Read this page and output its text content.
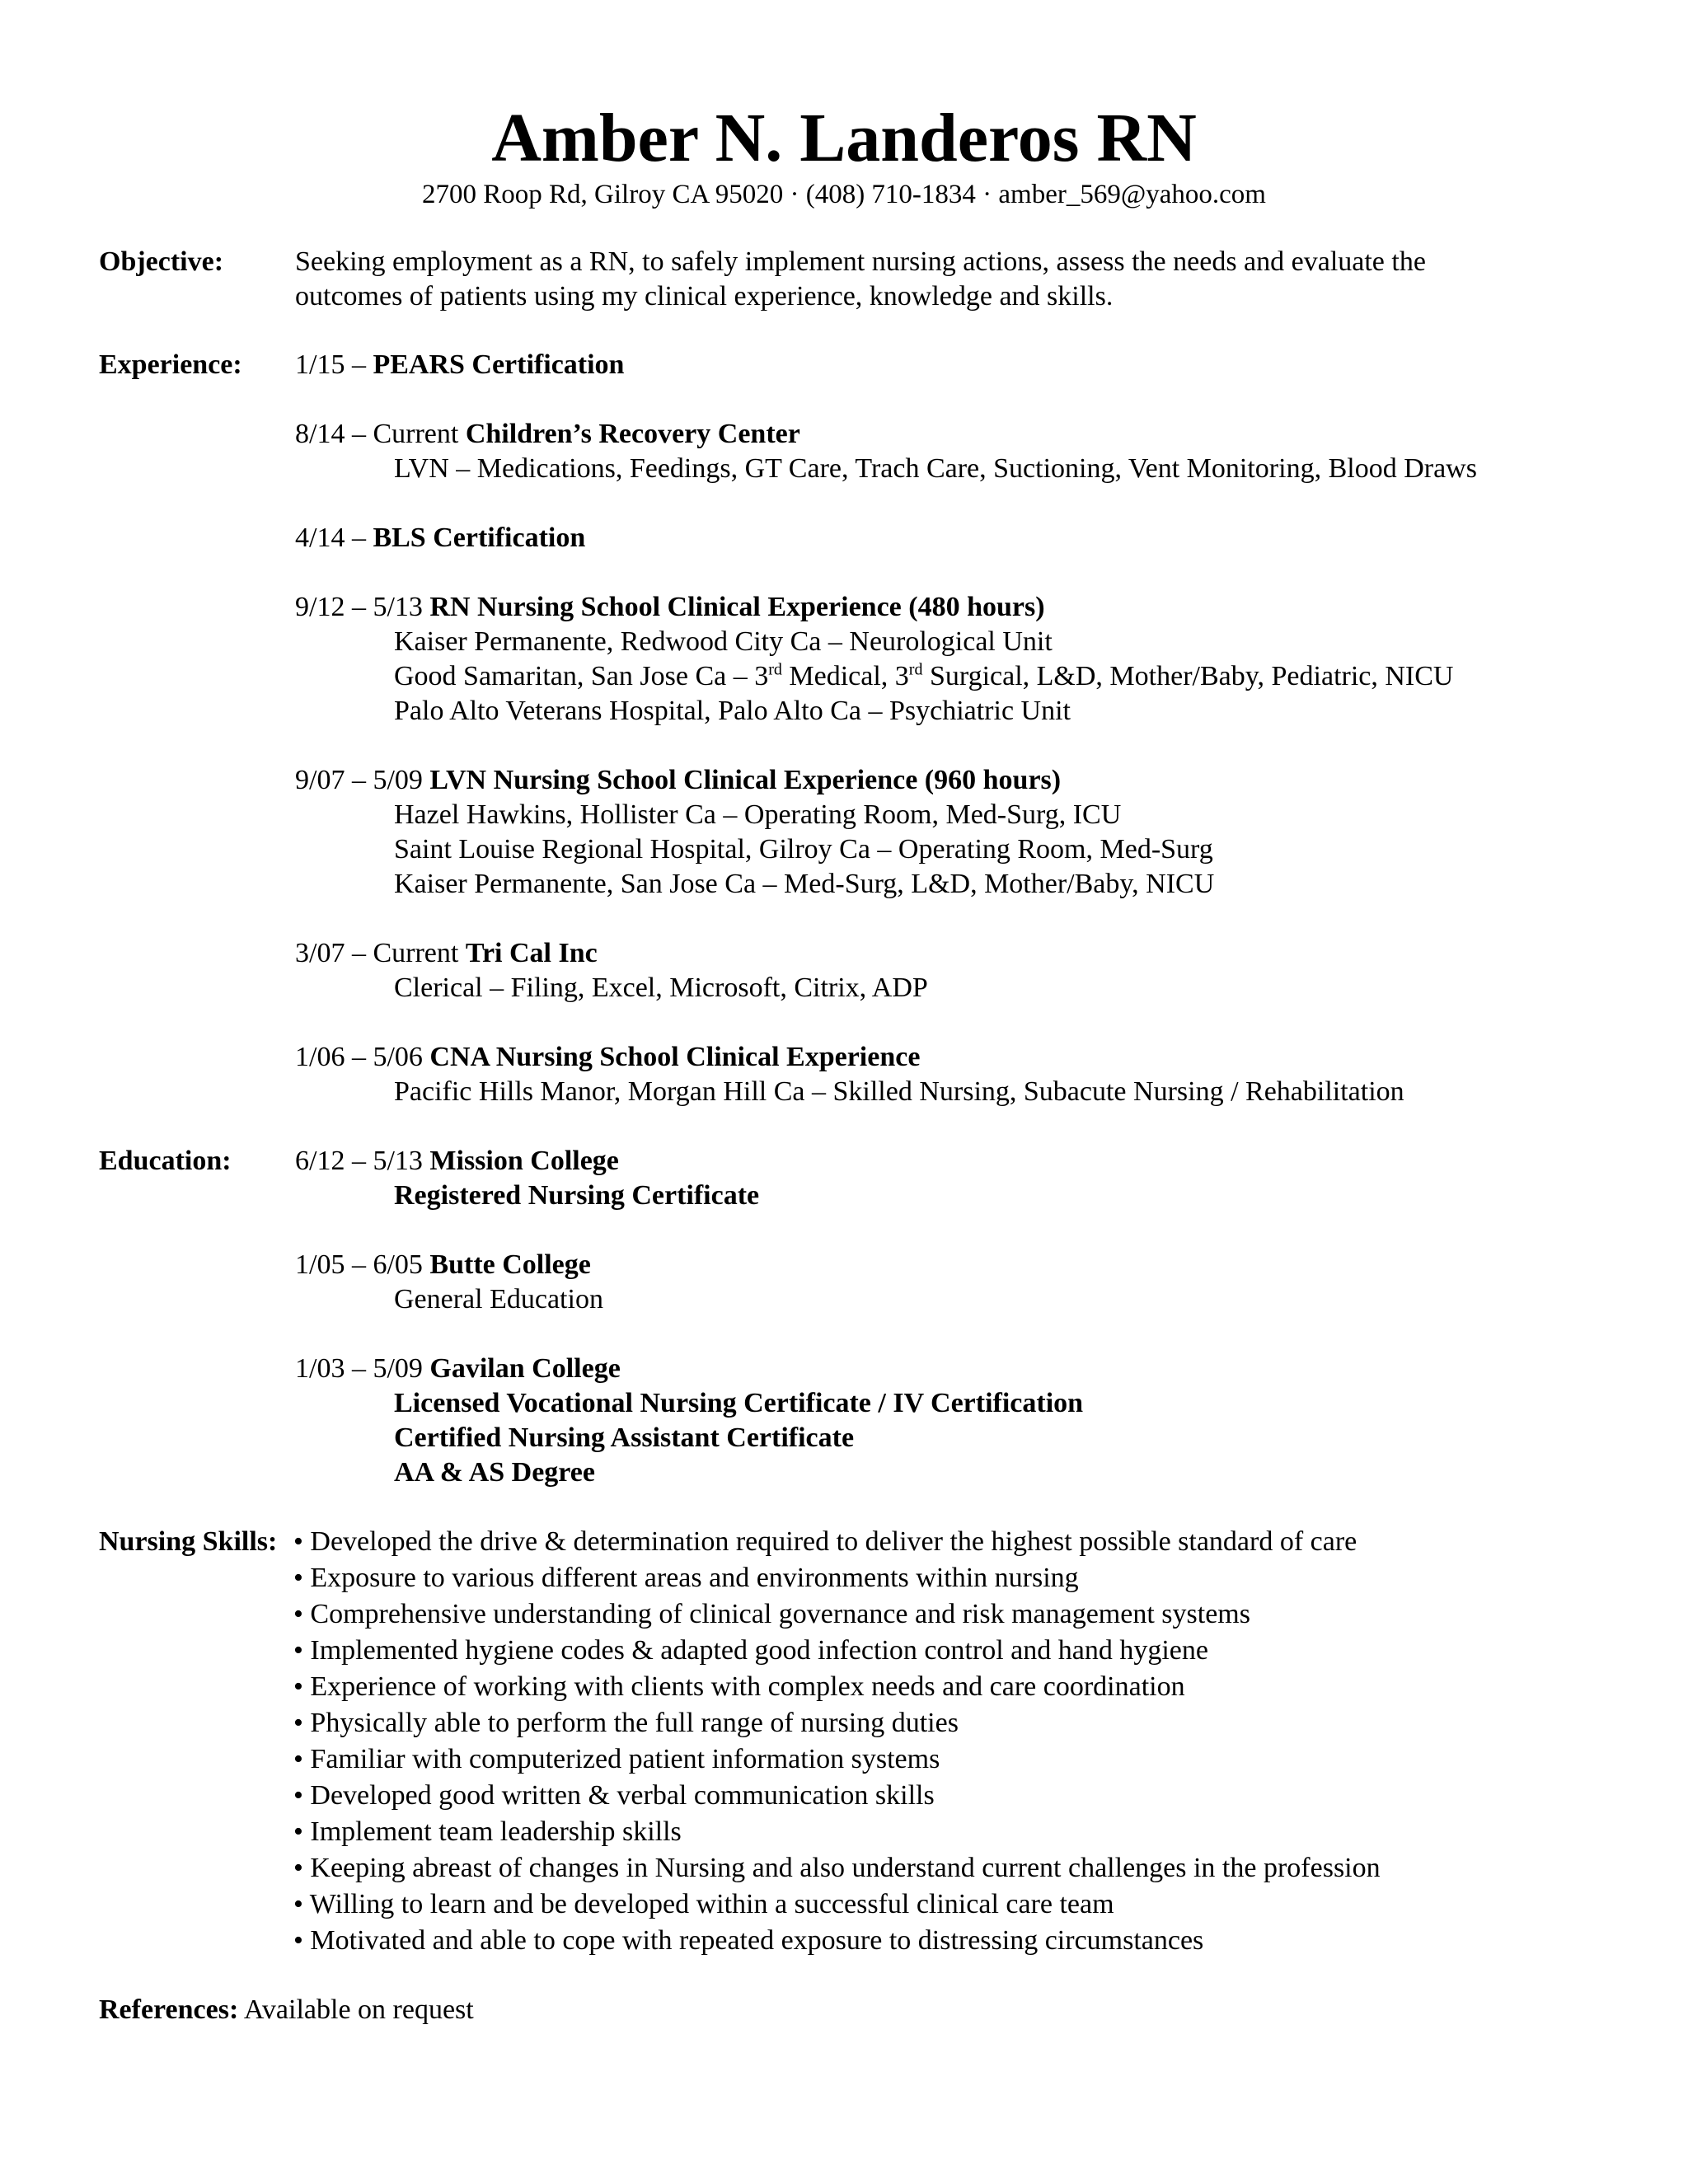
Amber N. Landeros RN
2700 Roop Rd, Gilroy CA 95020 · (408) 710-1834 · amber_569@yahoo.com
Objective:	Seeking employment as a RN, to safely implement nursing actions, assess the needs and evaluate the
outcomes of patients using my clinical experience, knowledge and skills.
Experience: 1/15 – PEARS Certification
8/14 – Current Children’s Recovery Center
LVN – Medications, Feedings, GT Care, Trach Care, Suctioning, Vent Monitoring, Blood Draws
4/14 – BLS Certification
9/12 – 5/13 RN Nursing School Clinical Experience (480 hours)
Kaiser Permanente, Redwood City Ca – Neurological Unit
Good Samaritan, San Jose Ca – 3rd Medical, 3rd Surgical, L&D, Mother/Baby, Pediatric, NICU
Palo Alto Veterans Hospital, Palo Alto Ca – Psychiatric Unit
9/07 – 5/09 LVN Nursing School Clinical Experience (960 hours)
Hazel Hawkins, Hollister Ca – Operating Room, Med-Surg, ICU
Saint Louise Regional Hospital, Gilroy Ca – Operating Room, Med-Surg
Kaiser Permanente, San Jose Ca – Med-Surg, L&D, Mother/Baby, NICU
3/07 – Current Tri Cal Inc
Clerical – Filing, Excel, Microsoft, Citrix, ADP
1/06 – 5/06 CNA Nursing School Clinical Experience
Pacific Hills Manor, Morgan Hill Ca – Skilled Nursing, Subacute Nursing / Rehabilitation
Education: 6/12 – 5/13 Mission College
Registered Nursing Certificate
1/05 – 6/05 Butte College
General Education
1/03 – 5/09 Gavilan College
Licensed Vocational Nursing Certificate / IV Certification
Certified Nursing Assistant Certificate
AA & AS Degree
Nursing Skills: • Developed the drive & determination required to deliver the highest possible standard of care
• Exposure to various different areas and environments within nursing
• Comprehensive understanding of clinical governance and risk management systems
• Implemented hygiene codes & adapted good infection control and hand hygiene
• Experience of working with clients with complex needs and care coordination
• Physically able to perform the full range of nursing duties
• Familiar with computerized patient information systems
• Developed good written & verbal communication skills
• Implement team leadership skills
• Keeping abreast of changes in Nursing and also understand current challenges in the profession
• Willing to learn and be developed within a successful clinical care team
• Motivated and able to cope with repeated exposure to distressing circumstances
References: Available on request
